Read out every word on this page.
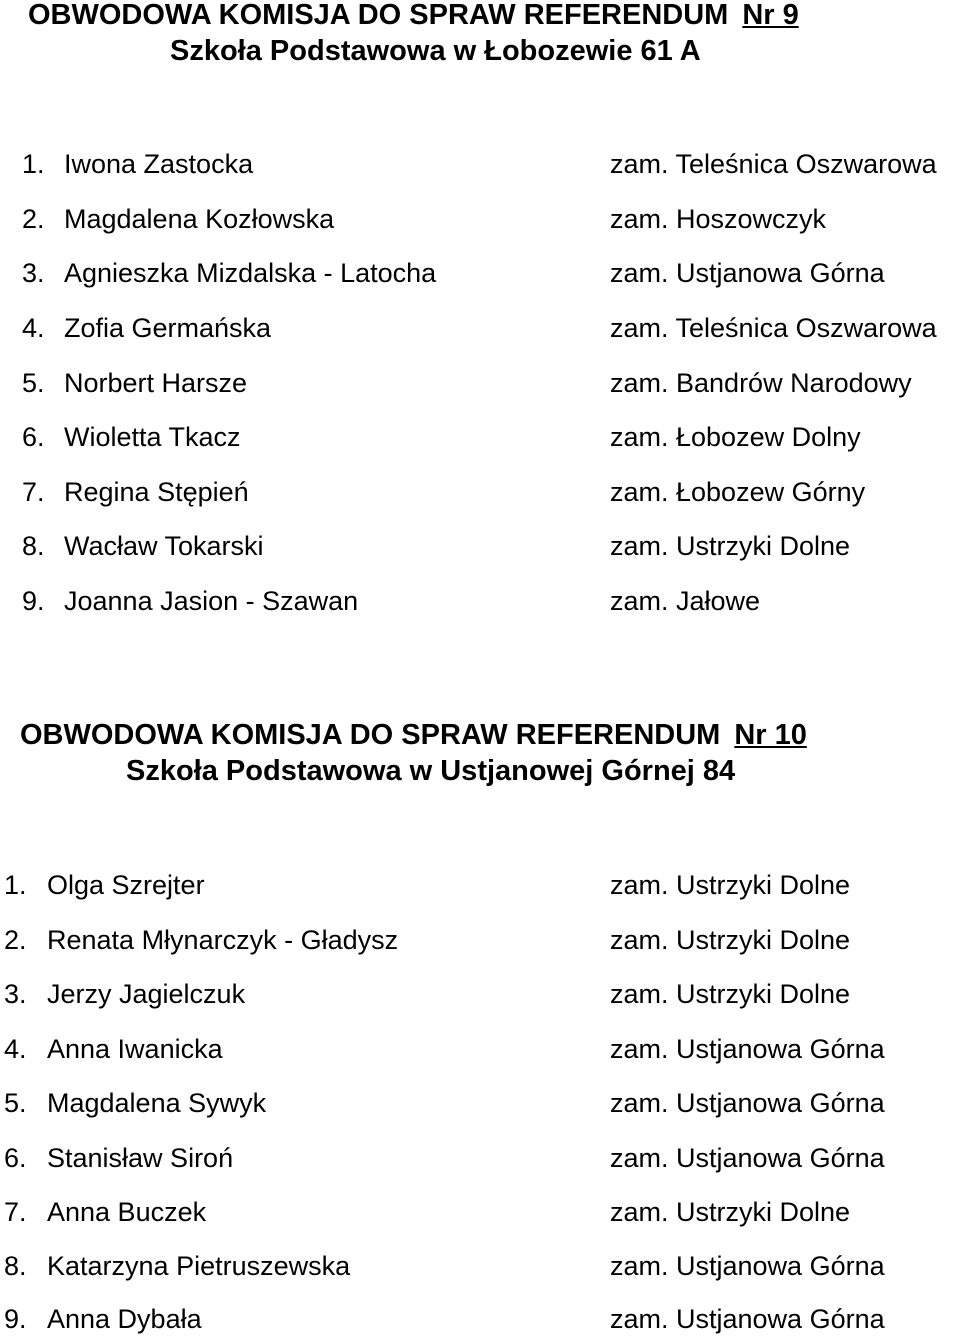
OBWODOWA KOMISJA DO SPRAW REFERENDUM Nr 9
Szkoła Podstawowa w Łobozewie 61 A
1. Iwona Zastocka	zam. Teleśnica Oszwarowa
2. Magdalena Kozłowska	zam. Hoszowczyk
3. Agnieszka Mizdalska - Latocha	zam. Ustjanowa Górna
4. Zofia Germańska	zam. Teleśnica Oszwarowa
5. Norbert Harsze	zam. Bandrów Narodowy
6. Wioletta Tkacz	zam. Łobozew Dolny
7. Regina Stępień	zam. Łobozew Górny
8. Wacław Tokarski	zam. Ustrzyki Dolne
9. Joanna Jasion - Szawan	zam. Jałowe
OBWODOWA KOMISJA DO SPRAW REFERENDUM Nr 10
Szkoła Podstawowa w Ustjanowej Górnej 84
1. Olga Szrejter	zam. Ustrzyki Dolne
2. Renata Młynarczyk - Gładysz	zam. Ustrzyki Dolne
3. Jerzy Jagielczuk	zam. Ustrzyki Dolne
4. Anna Iwanicka	zam. Ustjanowa Górna
5. Magdalena Sywyk	zam. Ustjanowa Górna
6. Stanisław Siroń	zam. Ustjanowa Górna
7. Anna Buczek	zam. Ustrzyki Dolne
8. Katarzyna Pietruszewska	zam. Ustjanowa Górna
9. Anna Dybała	zam. Ustjanowa Górna
